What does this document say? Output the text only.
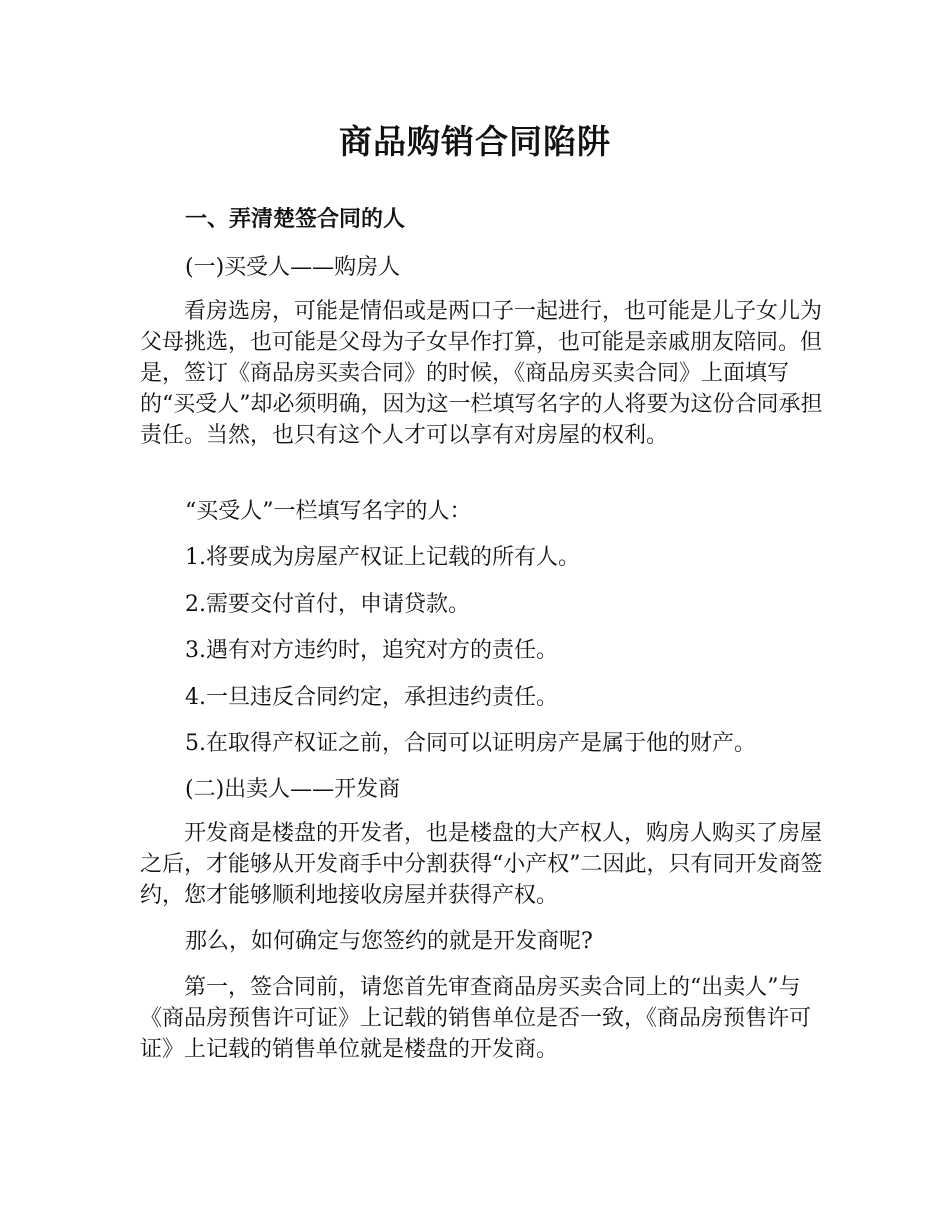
商品购销合同陷阱
一、弄清楚签合同的人

(一)买受人——购房人

看房选房，可能是情侣或是两口子一起进行，也可能是儿子女儿为父母挑选，也可能是父母为子女早作打算，也可能是亲戚朋友陪同。但是，签订《商品房买卖合同》的时候，《商品房买卖合同》上面填写的“买受人”却必须明确，因为这一栏填写名字的人将要为这份合同承担责任。当然，也只有这个人才可以享有对房屋的权利。

“买受人”一栏填写名字的人：

1.将要成为房屋产权证上记载的所有人。

2.需要交付首付，申请贷款。

3.遇有对方违约时，追究对方的责任。

4.一旦违反合同约定，承担违约责任。

5.在取得产权证之前，合同可以证明房产是属于他的财产。

(二)出卖人——开发商

开发商是楼盘的开发者，也是楼盘的大产权人，购房人购买了房屋之后，才能够从开发商手中分割获得“小产权”二因此，只有同开发商签约，您才能够顺利地接收房屋并获得产权。

那么，如何确定与您签约的就是开发商呢?

第一，签合同前，请您首先审查商品房买卖合同上的“出卖人”与《商品房预售许可证》上记载的销售单位是否一致，《商品房预售许可证》上记载的销售单位就是楼盘的开发商。
